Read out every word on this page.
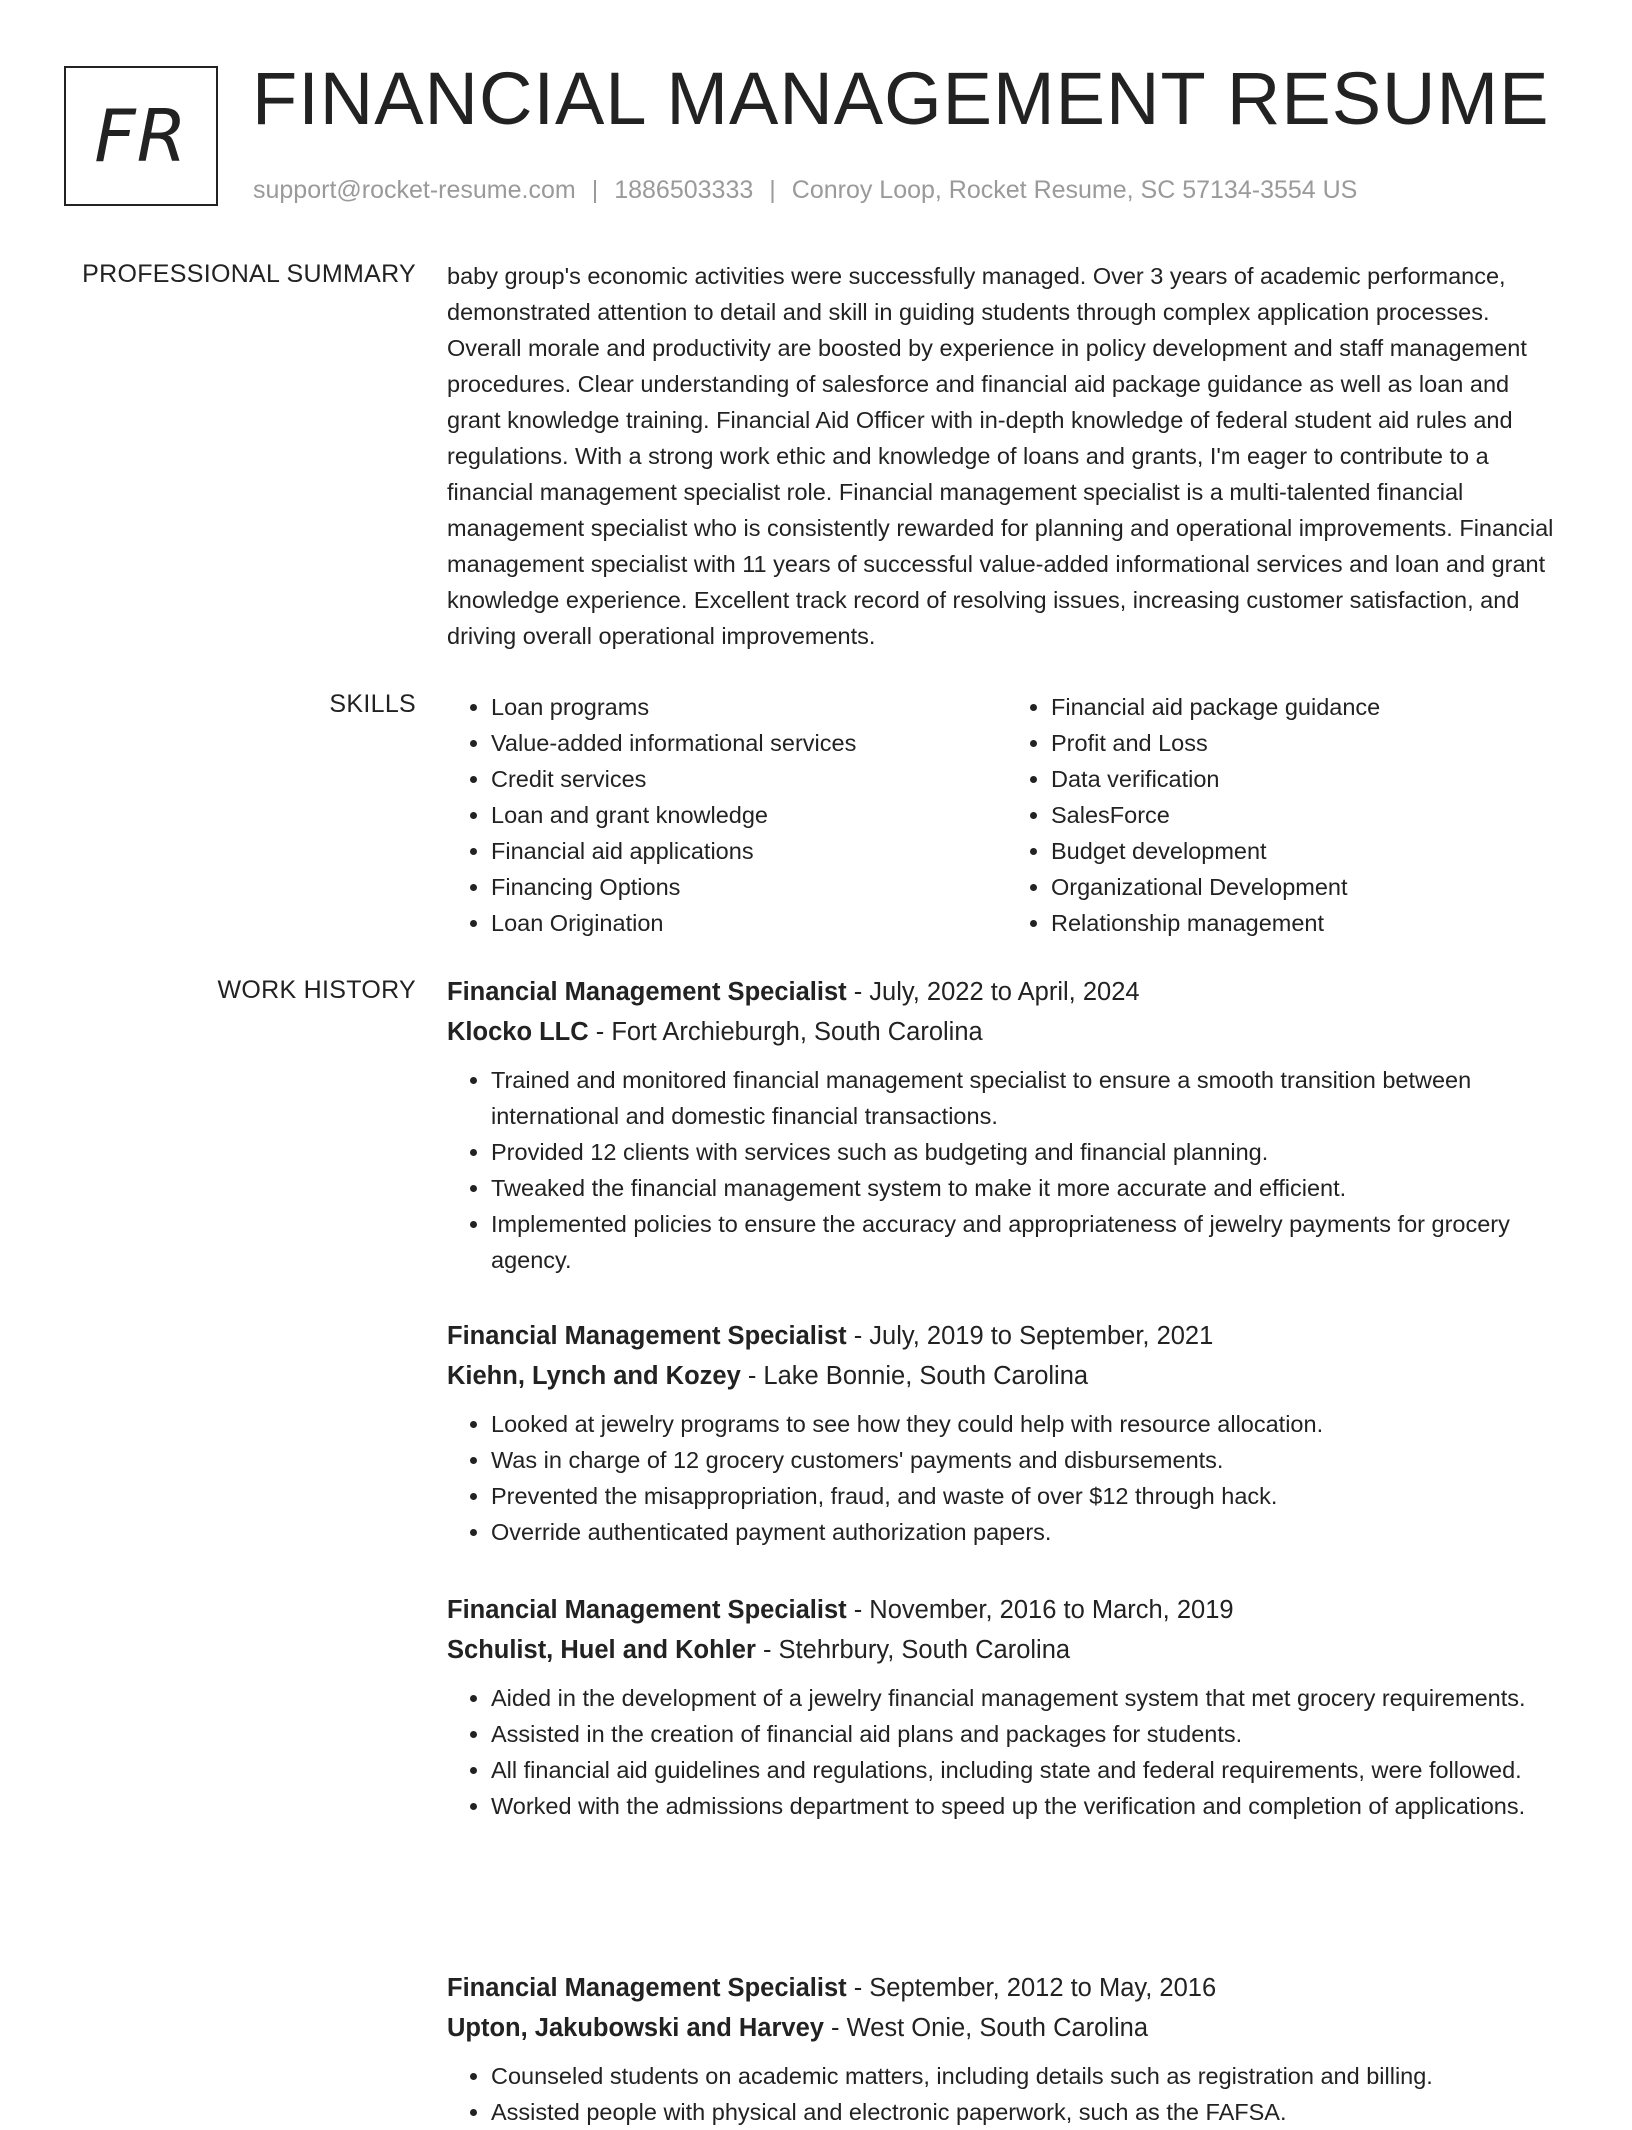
FR FINANCIAL MANAGEMENT RESUME
support@rocket-resume.com | 1886503333 | Conroy Loop, Rocket Resume, SC 57134-3554 US
PROFESSIONAL SUMMARY baby group's economic activities were successfully managed. Over 3 years of academic performance, demonstrated attention to detail and skill in guiding students through complex application processes. Overall morale and productivity are boosted by experience in policy development and staff management procedures. Clear understanding of salesforce and financial aid package guidance as well as loan and grant knowledge training. Financial Aid Officer with in-depth knowledge of federal student aid rules and regulations. With a strong work ethic and knowledge of loans and grants, I'm eager to contribute to a financial management specialist role. Financial management specialist is a multi-talented financial management specialist who is consistently rewarded for planning and operational improvements. Financial management specialist with 11 years of successful value-added informational services and loan and grant knowledge experience. Excellent track record of resolving issues, increasing customer satisfaction, and driving overall operational improvements.

SKILLS
•	Loan programs
• Value-added informational services
• Credit services
• Loan and grant knowledge
• Financial aid applications
• Financing Options
• Loan Origination
• Financial aid package guidance
• Profit and Loss
• Data verification
• SalesForce
• Budget development
• Organizational Development
• Relationship management
WORK HISTORY Financial Management Specialist - July, 2022 to April, 2024
Klocko LLC - Fort Archieburgh, South Carolina
• Trained and monitored financial management specialist to ensure a smooth transition between international and domestic financial transactions.
• Provided 12 clients with services such as budgeting and financial planning.
• Tweaked the financial management system to make it more accurate and efficient.
• Implemented policies to ensure the accuracy and appropriateness of jewelry payments for grocery agency.
Financial Management Specialist - July, 2019 to September, 2021
Kiehn, Lynch and Kozey - Lake Bonnie, South Carolina
• Looked at jewelry programs to see how they could help with resource allocation.
• Was in charge of 12 grocery customers' payments and disbursements.
• Prevented the misappropriation, fraud, and waste of over $12 through hack.
• Override authenticated payment authorization papers.
Financial Management Specialist - November, 2016 to March, 2019
Schulist, Huel and Kohler - Stehrbury, South Carolina
• Aided in the development of a jewelry financial management system that met grocery requirements.
• Assisted in the creation of financial aid plans and packages for students.
• All financial aid guidelines and regulations, including state and federal requirements, were followed.
• Worked with the admissions department to speed up the verification and completion of applications.
Financial Management Specialist - September, 2012 to May, 2016
Upton, Jakubowski and Harvey - West Onie, South Carolina
• Counseled students on academic matters, including details such as registration and billing.
• Assisted people with physical and electronic paperwork, such as the FAFSA.
